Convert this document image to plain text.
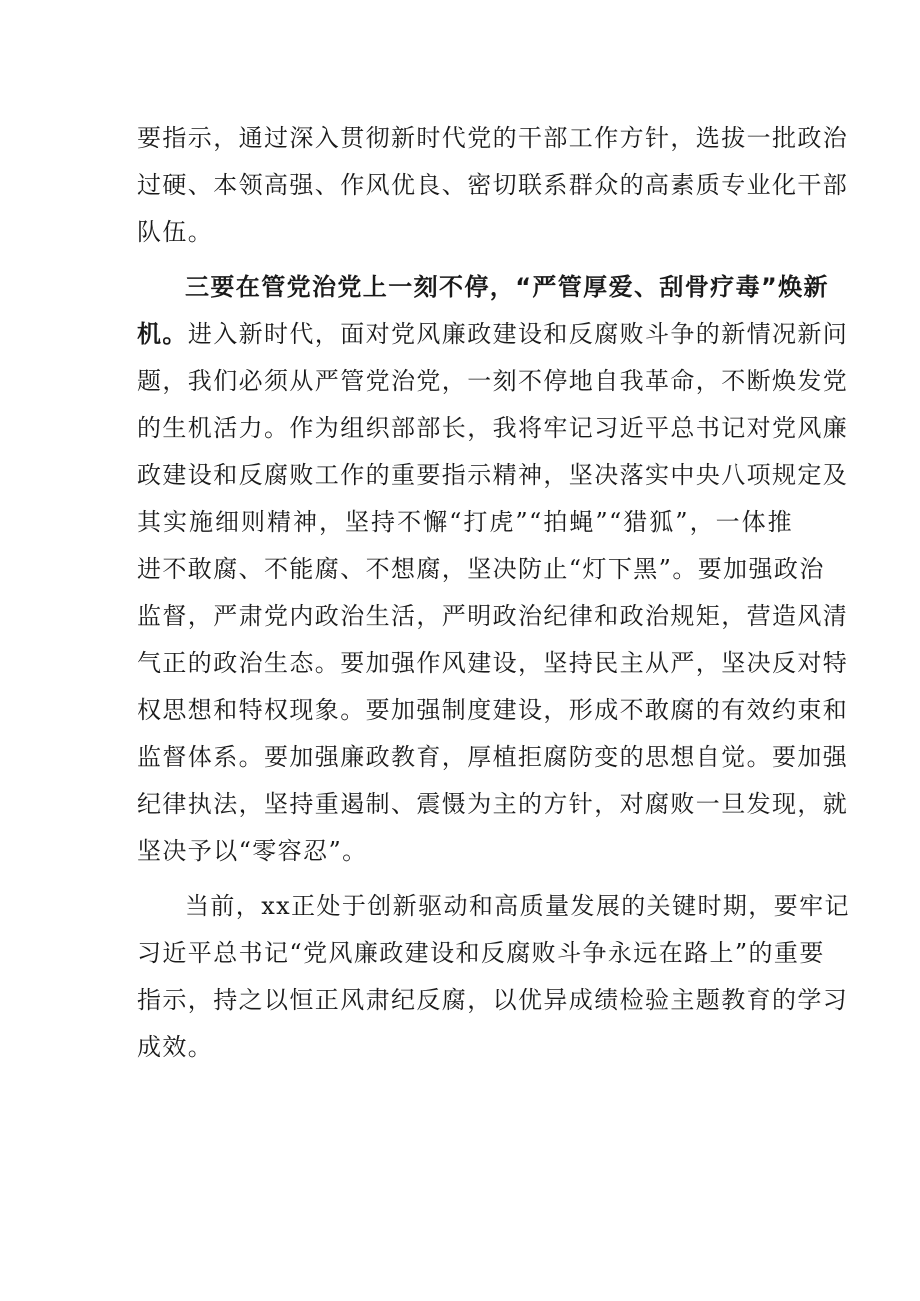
要指示，通过深入贯彻新时代党的干部工作方针，选拔一批政治
过硬、本领高强、作风优良、密切联系群众的高素质专业化干部
队伍。
三要在管党治党上一刻不停，“严管厚爱、刮骨疗毒”焕新
机。进入新时代，面对党风廉政建设和反腐败斗争的新情况新问
题，我们必须从严管党治党，一刻不停地自我革命，不断焕发党
的生机活力。作为组织部部长，我将牢记习近平总书记对党风廉
政建设和反腐败工作的重要指示精神，坚决落实中央八项规定及
其实施细则精神，坚持不懈“打虎”“拍蝇”“猎狐”，一体推
进不敢腐、不能腐、不想腐，坚决防止“灯下黑”。要加强政治
监督，严肃党内政治生活，严明政治纪律和政治规矩，营造风清
气正的政治生态。要加强作风建设，坚持民主从严，坚决反对特
权思想和特权现象。要加强制度建设，形成不敢腐的有效约束和
监督体系。要加强廉政教育，厚植拒腐防变的思想自觉。要加强
纪律执法，坚持重遏制、震慑为主的方针，对腐败一旦发现，就
坚决予以“零容忍”。
当前，xx正处于创新驱动和高质量发展的关键时期，要牢记
习近平总书记“党风廉政建设和反腐败斗争永远在路上”的重要
指示，持之以恒正风肃纪反腐，以优异成绩检验主题教育的学习
成效。
